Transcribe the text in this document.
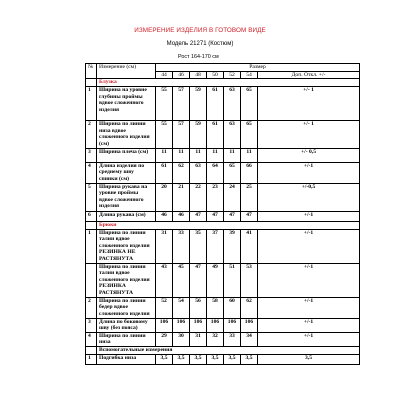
ИЗМЕРЕНИЕ ИЗДЕЛИЯ В ГОТОВОМ ВИДЕ
Модель 21271 (Костюм)
Рост 164-170 см
№	Измерение (см)	Размер						
		44	46	48	50	52	54	Доп. Откл. +/-
	Блузка							
1	Ширина на уровне глубины проймы вдвое сложенного изделия	55	57	59	61	63	65	+/- 1
2	Ширина по линии низа вдвое сложенного изделия (см)	55	57	59	61	63	65	+/- 1
3	Ширина плеча (см)	11	11	11	11	11	11	+/- 0,5
4	Длина изделия по среднему шву спинки (см)	61	62	63	64	65	66	+/-1
5	Ширина рукава на уровне проймы вдвое сложенного изделия	20	21	22	23	24	25	+/-0,5
6	Длина рукава (см)	46	46	47	47	47	47	+/-1
	Брюки							
1	Ширина по линии талии вдвое сложенного изделия РЕЗИНКА НЕ РАСТЯНУТА	31	33	35	37	39	41	+/-1
	Ширина по линии талии вдвое сложенного изделия РЕЗИНКА РАСТЯНУТА	43	45	47	49	51	53	+/-1
2	Ширина по линии бедер вдвое сложенного изделия	52	54	56	58	60	62	+/-1
3	Длина по боковому шву (без пояса)	106	106	106	106	106	106	+/-1
4	Ширина по линии низа	29	30	31	32	33	34	+/-1
	Вспомогательные измерения							
1	Подгибка низа	3,5	3,5	3,5	3,5	3,5	3,5	3,5
